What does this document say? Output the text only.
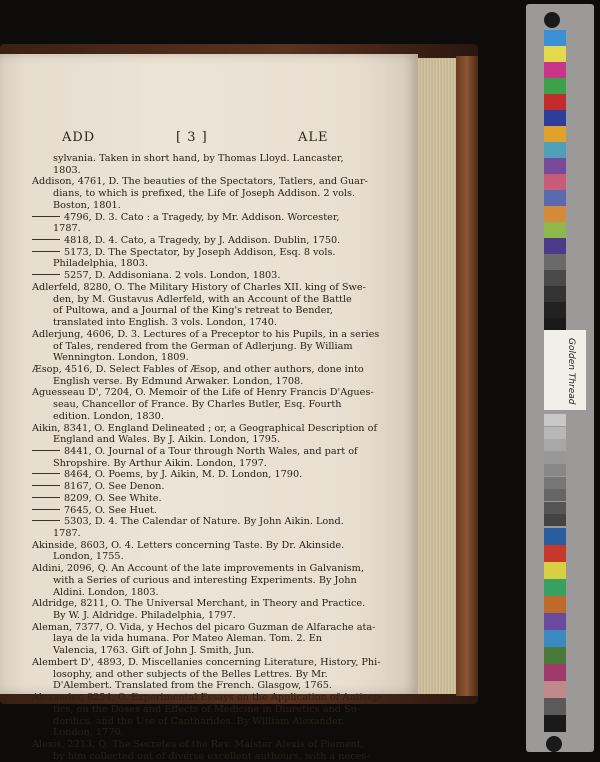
ADD	[ 3 ]	ALE
sylvania. Taken in short hand, by Thomas Lloyd. Lancaster,
1803.
Addison, 4761, D. The beauties of the Spectators, Tatlers, and Guar-
dians, to which is prefixed, the Life of Joseph Addison. 2 vols.
Boston, 1801.
4796, D. 3. Cato : a Tragedy, by Mr. Addison. Worcester,
1787.
4818, D. 4. Cato, a Tragedy, by J. Addison. Dublin, 1750.
5173, D. The Spectator, by Joseph Addison, Esq. 8 vols.
Philadelphia, 1803.
5257, D. Addisoniana. 2 vols. London, 1803.
Adlerfeld, 8280, O. The Military History of Charles XII. king of Swe-
den, by M. Gustavus Adlerfeld, with an Account of the Battle
of Pultowa, and a Journal of the King's retreat to Bender,
translated into English. 3 vols. London, 1740.
Adlerjung, 4606, D. 3. Lectures of a Preceptor to his Pupils, in a series
of Tales, rendered from the German of Adlerjung. By William
Wennington. London, 1809.
Æsop, 4516, D. Select Fables of Æsop, and other authors, done into
English verse. By Edmund Arwaker. London, 1708.
Aguesseau D', 7204, O. Memoir of the Life of Henry Francis D'Agues-
seau, Chancellor of France. By Charles Butler, Esq. Fourth
edition. London, 1830.
Aikin, 8341, O. England Delineated ; or, a Geographical Description of
England and Wales. By J. Aikin. London, 1795.
8441, O. Journal of a Tour through North Wales, and part of
Shropshire. By Arthur Aikin. London, 1797.
8464, O. Poems, by J. Aikin, M. D. London, 1790.
8167, O. See Denon.
8209, O. See White.
7645, O. See Huet.
5303, D. 4. The Calendar of Nature. By John Aikin. Lond.
1787.
Akinside, 8603, O. 4. Letters concerning Taste. By Dr. Akinside.
London, 1755.
Aldini, 2096, Q. An Account of the late improvements in Galvanism,
with a Series of curious and interesting Experiments. By John
Aldini. London, 1803.
Aldridge, 8211, O. The Universal Merchant, in Theory and Practice.
By W. J. Aldridge. Philadelphia, 1797.
Aleman, 7377, O. Vida, y Hechos del picaro Guzman de Alfarache ata-
laya de la vida humana. Por Mateo Aleman. Tom. 2. En
Valencia, 1763. Gift of John J. Smith, Jun.
Alembert D', 4893, D. Miscellanies concerning Literature, History, Phi-
losophy, and other subjects of the Belles Lettres. By Mr.
D'Alembert. Translated from the French. Glasgow, 1765.
Alexander, 8254, O. Experimental Essays on the Application of Antisep-
tics, on the Doses and Effects of Medicine in Diuretics and Su-
dorifics, and the Use of Cantharides. By William Alexander.
London, 1770.
Alexis, 2213, Q. The Secretes of the Rev. Maister Alexis of Piement,
by him collected out of diverse excellent authours, with a neces-
Golden Thread
